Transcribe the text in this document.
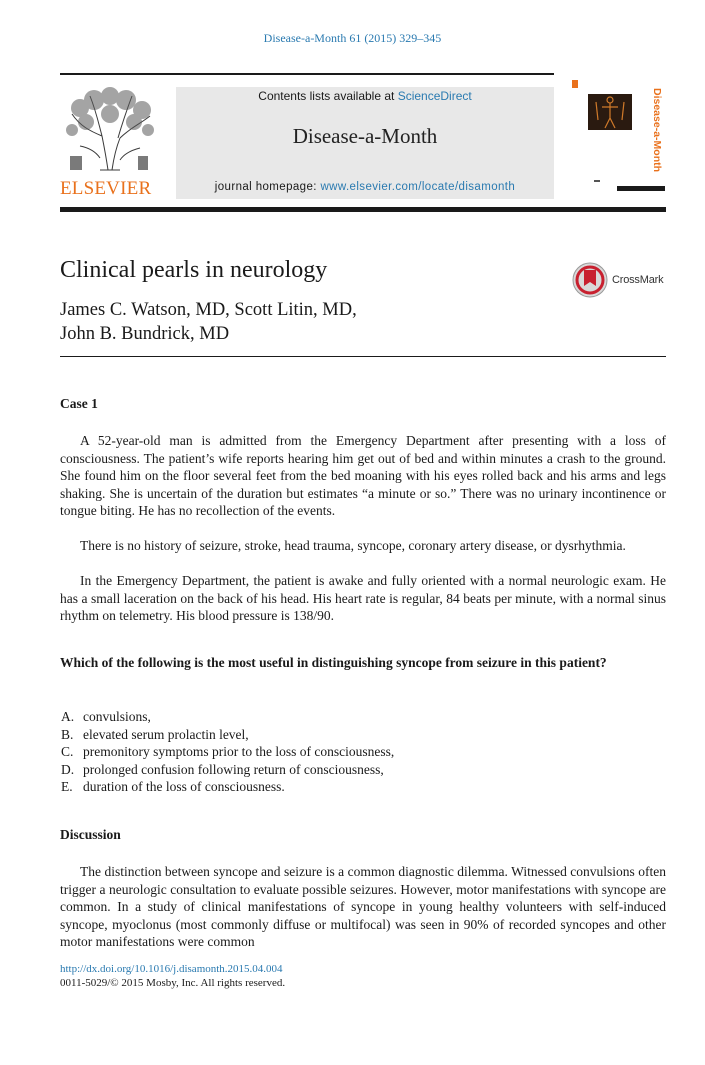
Disease-a-Month 61 (2015) 329–345
ELSEVIER
Contents lists available at ScienceDirect
Disease-a-Month
journal homepage: www.elsevier.com/locate/disamonth
Disease-a-Month
Clinical pearls in neurology	CrossMark
James C. Watson, MD, Scott Litin, MD,
John B. Bundrick, MD
Case 1

A 52-year-old man is admitted from the Emergency Department after presenting with a loss of consciousness. The patient’s wife reports hearing him get out of bed and within minutes a crash to the ground. She found him on the floor several feet from the bed moaning with his eyes rolled back and his arms and legs shaking. She is uncertain of the duration but estimates “a minute or so.” There was no urinary incontinence or tongue biting. He has no recollection of the events.

There is no history of seizure, stroke, head trauma, syncope, coronary artery disease, or dysrhythmia.

In the Emergency Department, the patient is awake and fully oriented with a normal neurologic exam. He has a small laceration on the back of his head. His heart rate is regular, 84 beats per minute, with a normal sinus rhythm on telemetry. His blood pressure is 138/90.

Which of the following is the most useful in distinguishing syncope from seizure in this patient?
A. convulsions,
B. elevated serum prolactin level,
C. premonitory symptoms prior to the loss of consciousness,
D. prolonged confusion following return of consciousness,
E. duration of the loss of consciousness.
Discussion

The distinction between syncope and seizure is a common diagnostic dilemma. Witnessed convulsions often trigger a neurologic consultation to evaluate possible seizures. However, motor manifestations with syncope are common. In a study of clinical manifestations of syncope in young healthy volunteers with self-induced syncope, myoclonus (most commonly diffuse or multifocal) was seen in 90% of recorded syncopes and other motor manifestations were common

http://dx.doi.org/10.1016/j.disamonth.2015.04.004
0011-5029/© 2015 Mosby, Inc. All rights reserved.
